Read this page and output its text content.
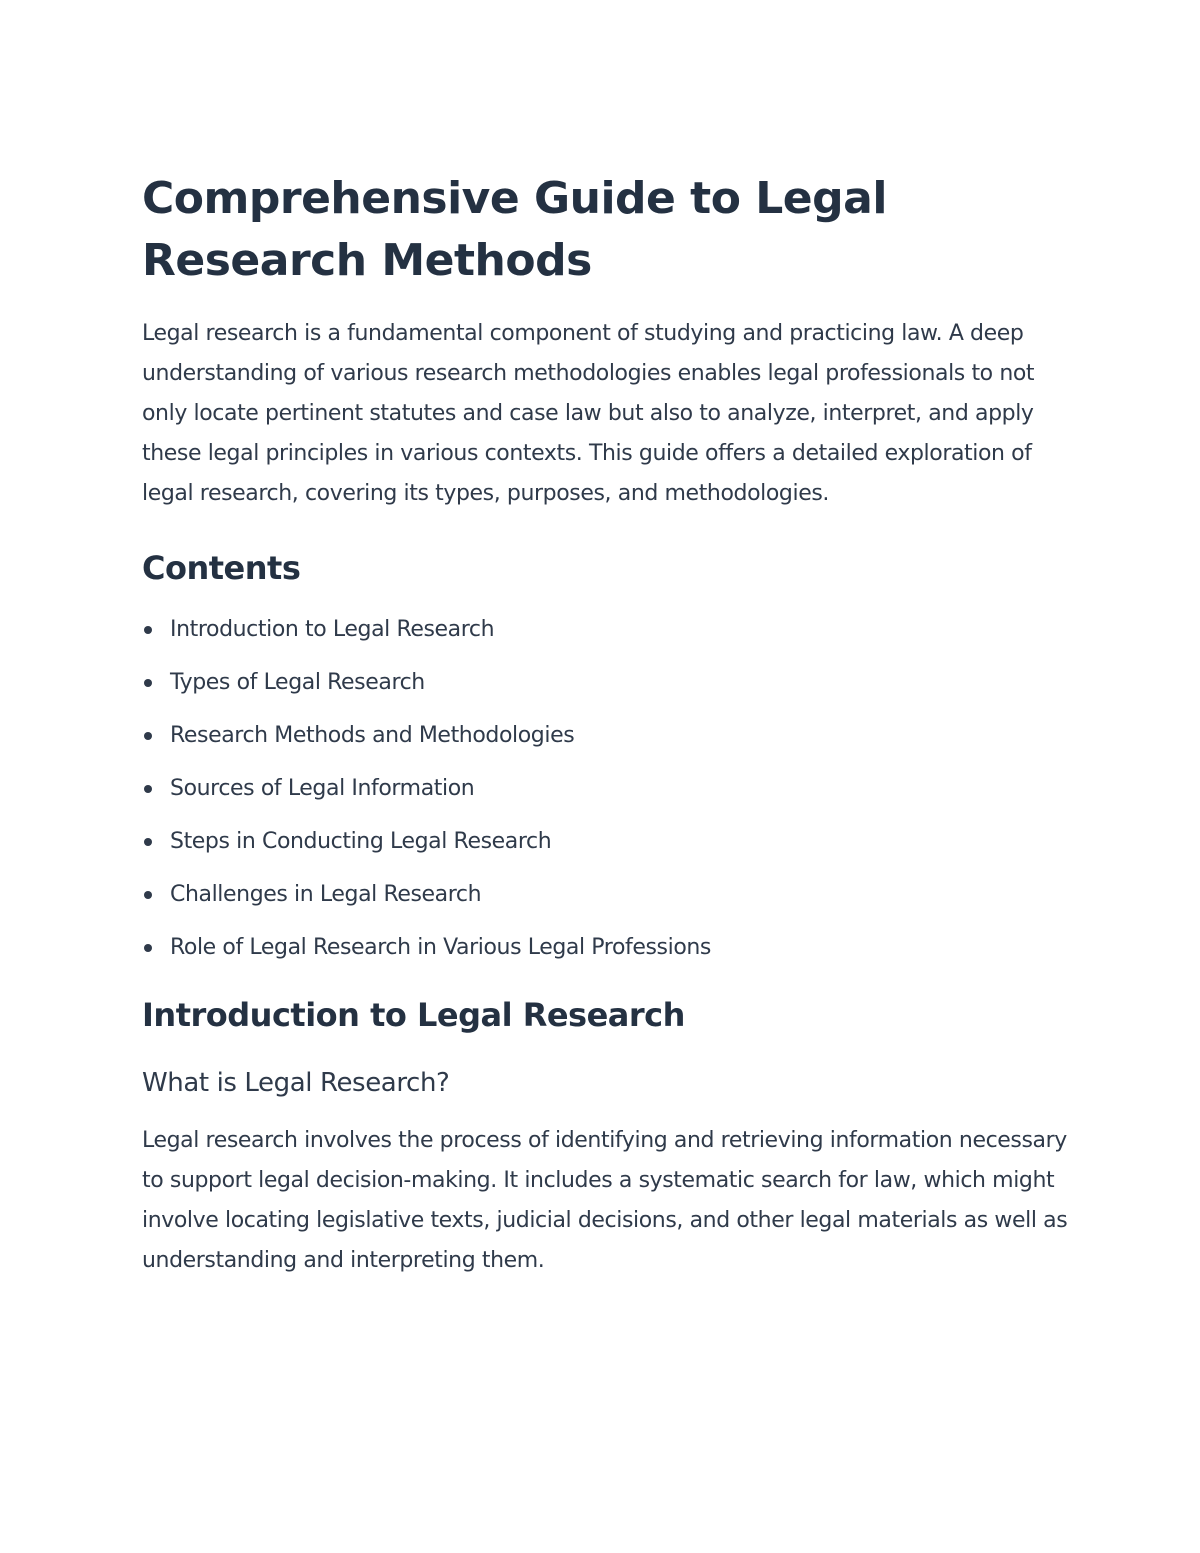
Comprehensive Guide to Legal Research Methods

Legal research is a fundamental component of studying and practicing law. A deep understanding of various research methodologies enables legal professionals to not only locate pertinent statutes and case law but also to analyze, interpret, and apply these legal principles in various contexts. This guide offers a detailed exploration of legal research, covering its types, purposes, and methodologies.

Contents
Introduction to Legal Research
Types of Legal Research
Research Methods and Methodologies
Sources of Legal Information
Steps in Conducting Legal Research
Challenges in Legal Research
Role of Legal Research in Various Legal Professions
Introduction to Legal Research
What is Legal Research?

Legal research involves the process of identifying and retrieving information necessary to support legal decision-making. It includes a systematic search for law, which might involve locating legislative texts, judicial decisions, and other legal materials as well as understanding and interpreting them.
